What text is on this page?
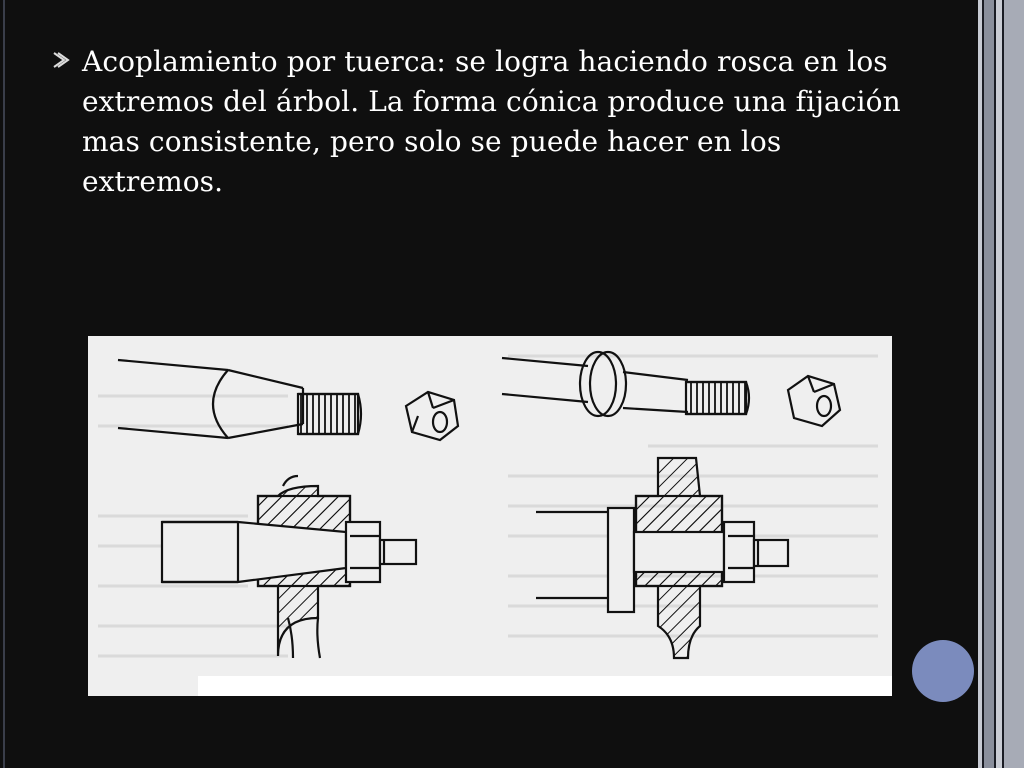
Acoplamiento por tuerca: se logra haciendo rosca en los extremos del árbol. La forma cónica produce una fijación mas consistente, pero solo se puede hacer en los extremos.
